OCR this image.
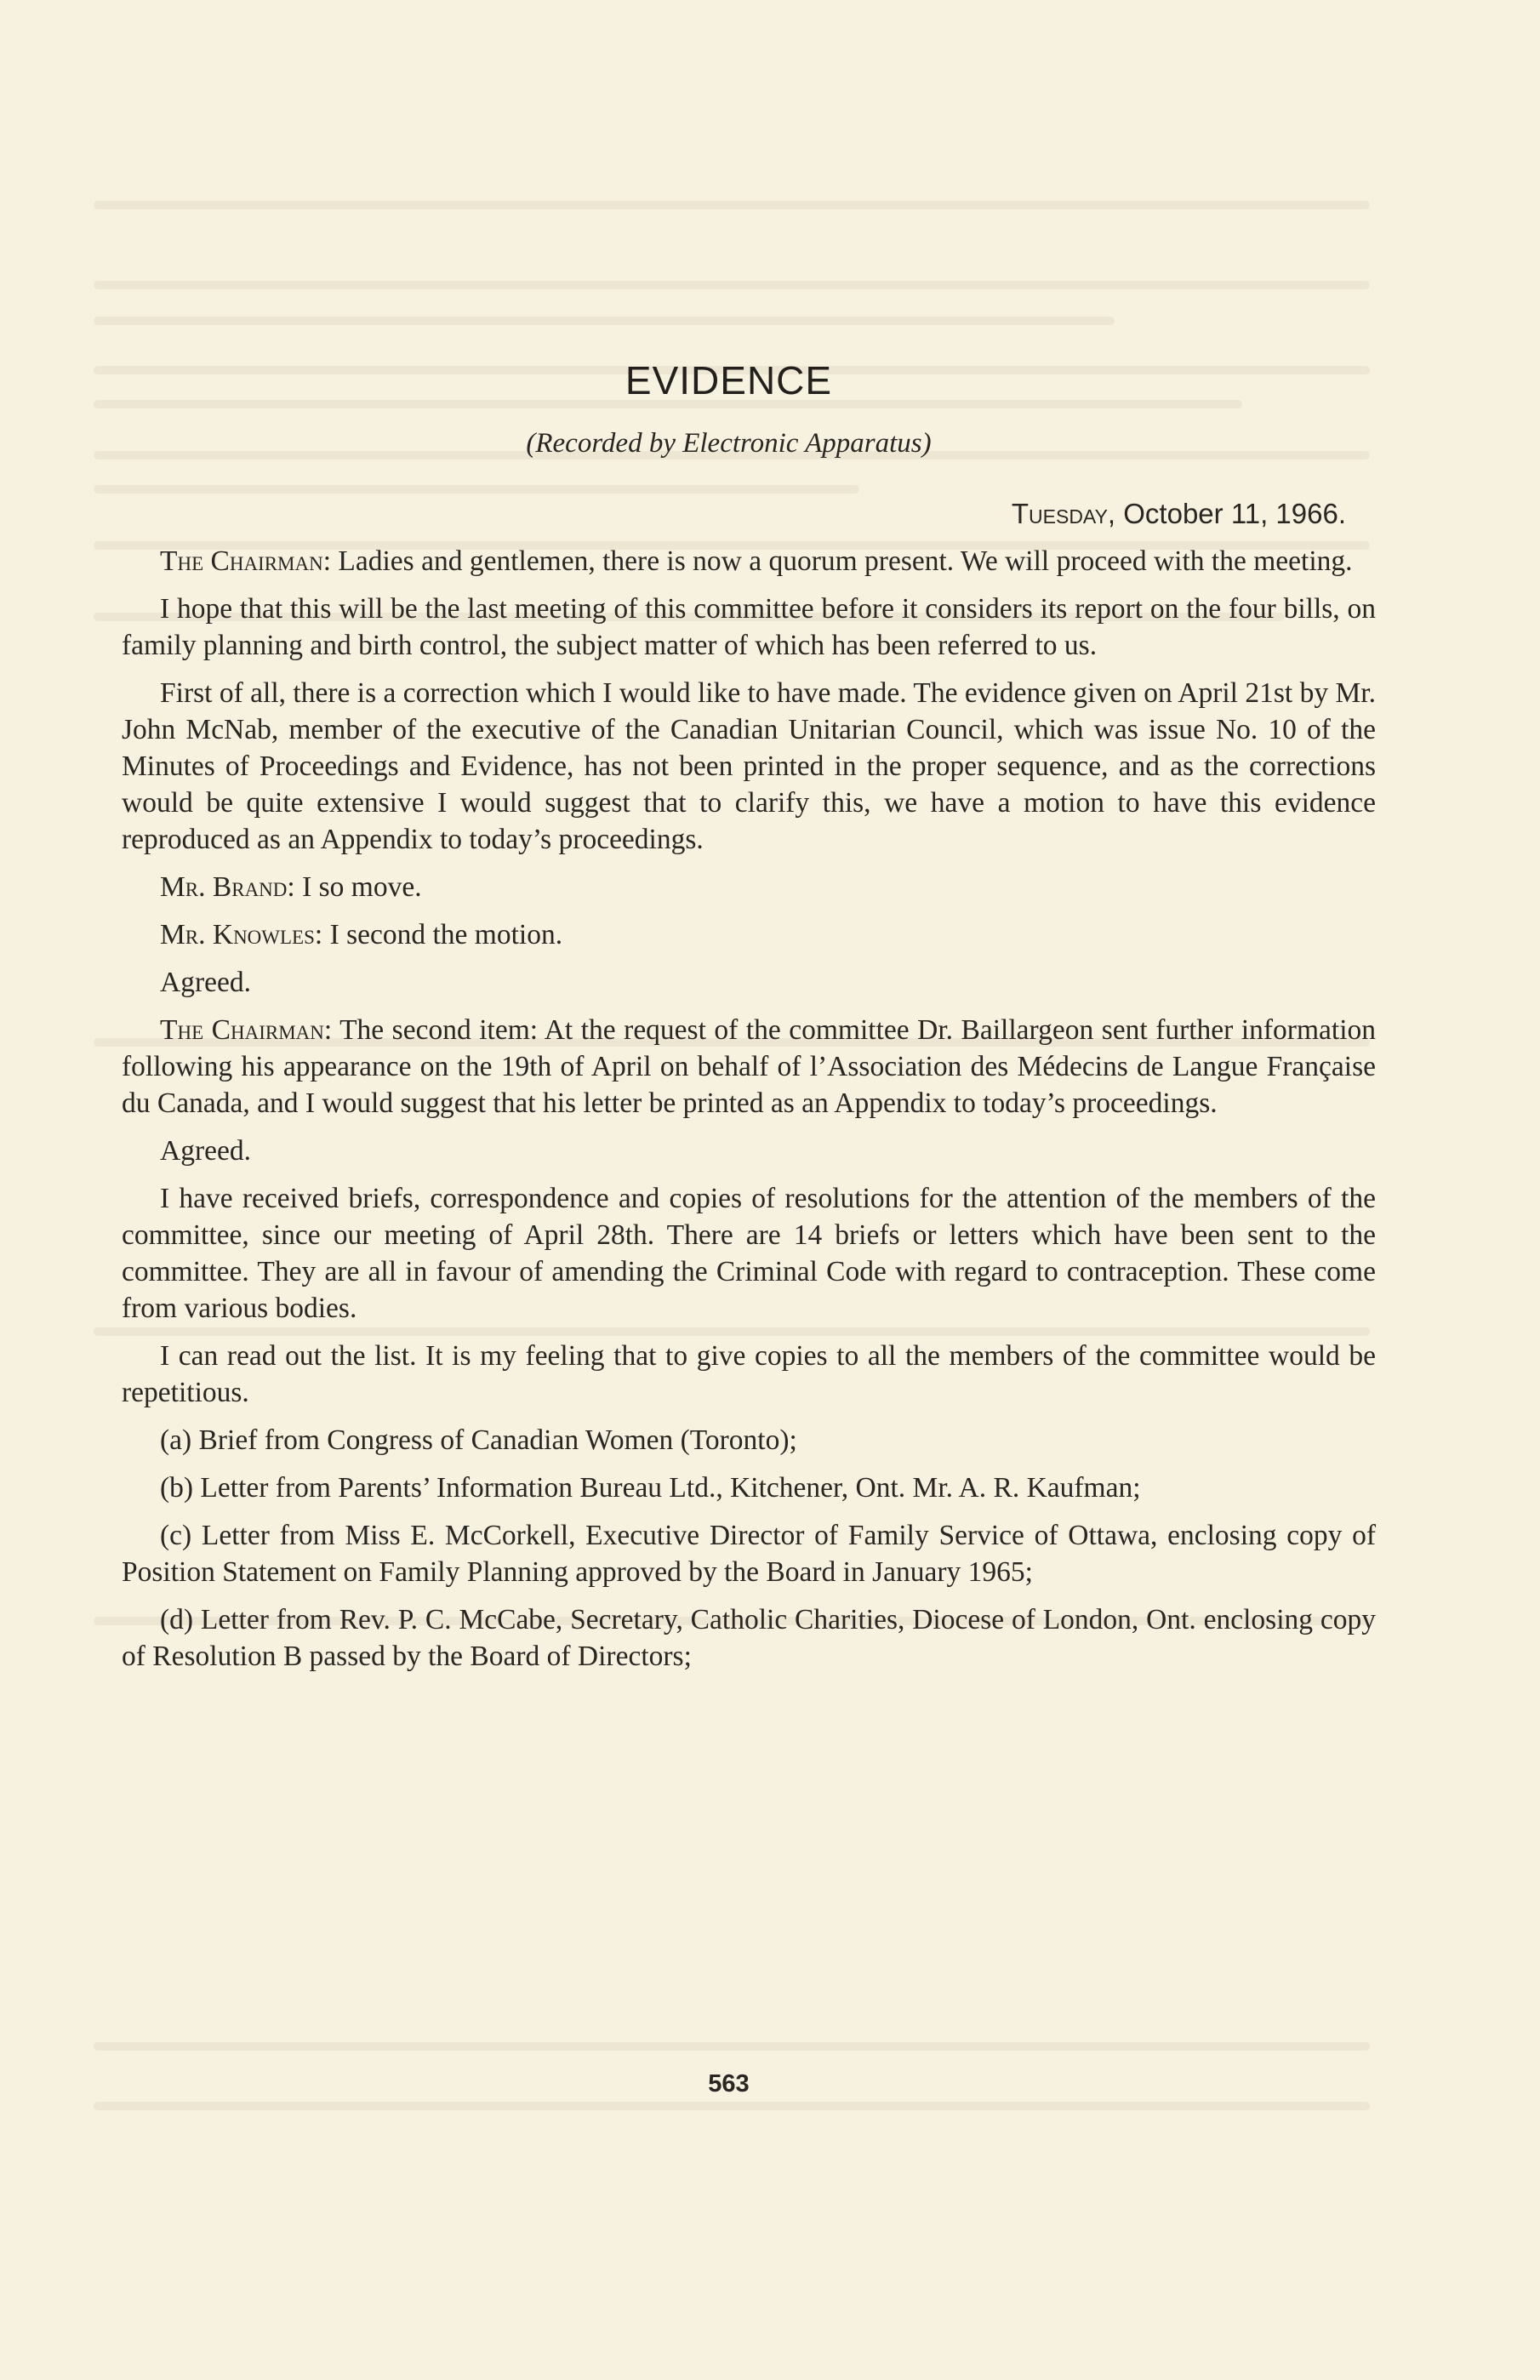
EVIDENCE
(Recorded by Electronic Apparatus)
Tuesday, October 11, 1966.

The Chairman: Ladies and gentlemen, there is now a quorum present. We will proceed with the meeting.

I hope that this will be the last meeting of this committee before it considers its report on the four bills, on family planning and birth control, the subject matter of which has been referred to us.

First of all, there is a correction which I would like to have made. The evidence given on April 21st by Mr. John McNab, member of the executive of the Canadian Unitarian Council, which was issue No. 10 of the Minutes of Proceedings and Evidence, has not been printed in the proper sequence, and as the corrections would be quite extensive I would suggest that to clarify this, we have a motion to have this evidence reproduced as an Appendix to today’s proceedings.

Mr. Brand: I so move.

Mr. Knowles: I second the motion.

Agreed.

The Chairman: The second item: At the request of the committee Dr. Baillargeon sent further information following his appearance on the 19th of April on behalf of l’Association des Médecins de Langue Française du Canada, and I would suggest that his letter be printed as an Appendix to today’s proceedings.

Agreed.

I have received briefs, correspondence and copies of resolutions for the attention of the members of the committee, since our meeting of April 28th. There are 14 briefs or letters which have been sent to the committee. They are all in favour of amending the Criminal Code with regard to contraception. These come from various bodies.

I can read out the list. It is my feeling that to give copies to all the members of the committee would be repetitious.

(a) Brief from Congress of Canadian Women (Toronto);

(b) Letter from Parents’ Information Bureau Ltd., Kitchener, Ont. Mr. A. R. Kaufman;

(c) Letter from Miss E. McCorkell, Executive Director of Family Service of Ottawa, enclosing copy of Position Statement on Family Planning approved by the Board in January 1965;

(d) Letter from Rev. P. C. McCabe, Secretary, Catholic Charities, Diocese of London, Ont. enclosing copy of Resolution B passed by the Board of Directors;

563
